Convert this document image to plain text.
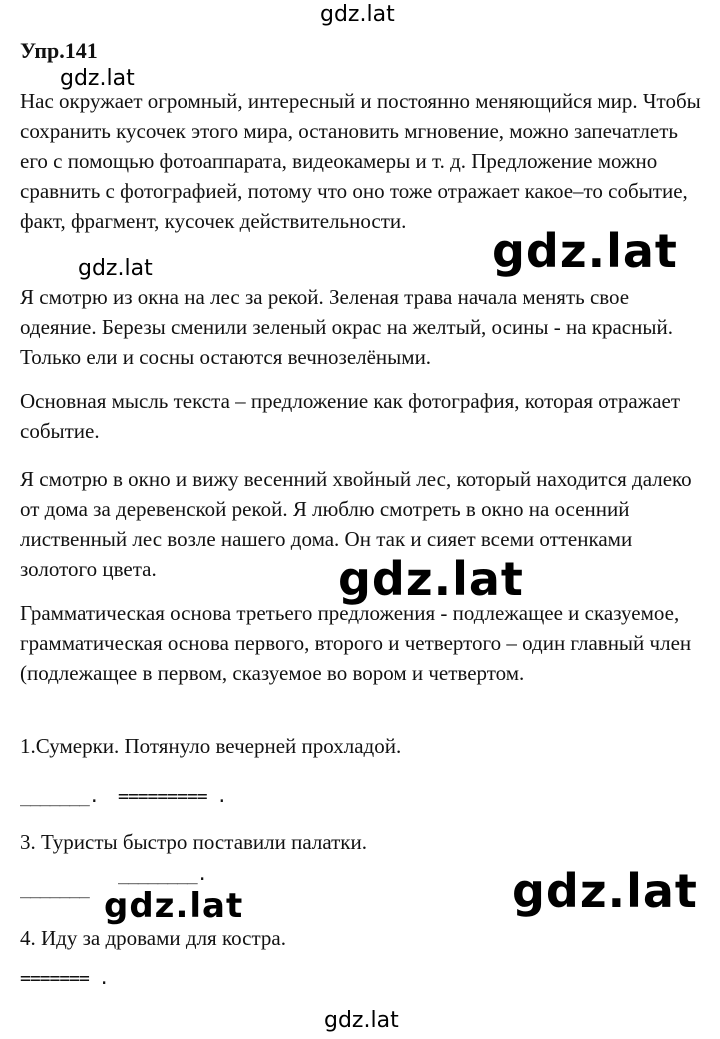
gdz.lat
gdz.lat
gdz.lat	gdz.lat
gdz.lat
gdz.lat
gdz.lat
gdz.lat
Упр.141
Нас окружает огромный, интересный и постоянно меняющийся мир. Чтобы сохранить кусочек этого мира, остановить мгновение, можно запечатлеть его с помощью фотоаппарата, видеокамеры и т. д. Предложение можно сравнить с фотографией, потому что оно тоже отражает какое–то событие, факт, фрагмент, кусочек действительности.
Я смотрю из окна на лес за рекой. Зеленая трава начала менять свое одеяние. Березы сменили зеленый окрас на желтый, осины - на красный. Только ели и сосны остаются вечнозелёными.
Основная мысль текста – предложение как фотография, которая отражает событие.
Я смотрю в окно и вижу весенний хвойный лес, который находится далеко от дома за деревенской рекой. Я люблю смотреть в окно на осенний лиственный лес возле нашего дома. Он так и сияет всеми оттенками золотого цвета.
Грамматическая основа третьего предложения - подлежащее и сказуемое, грамматическая основа первого, второго и четвертого – один главный член (подлежащее в первом, сказуемое во вором и четвертом.
1.Сумерки. Потянуло вечерней прохладой.
_______. ========= .
3. Туристы быстро поставили палатки.
_______
________.
4. Иду за дровами для костра.
======= .
